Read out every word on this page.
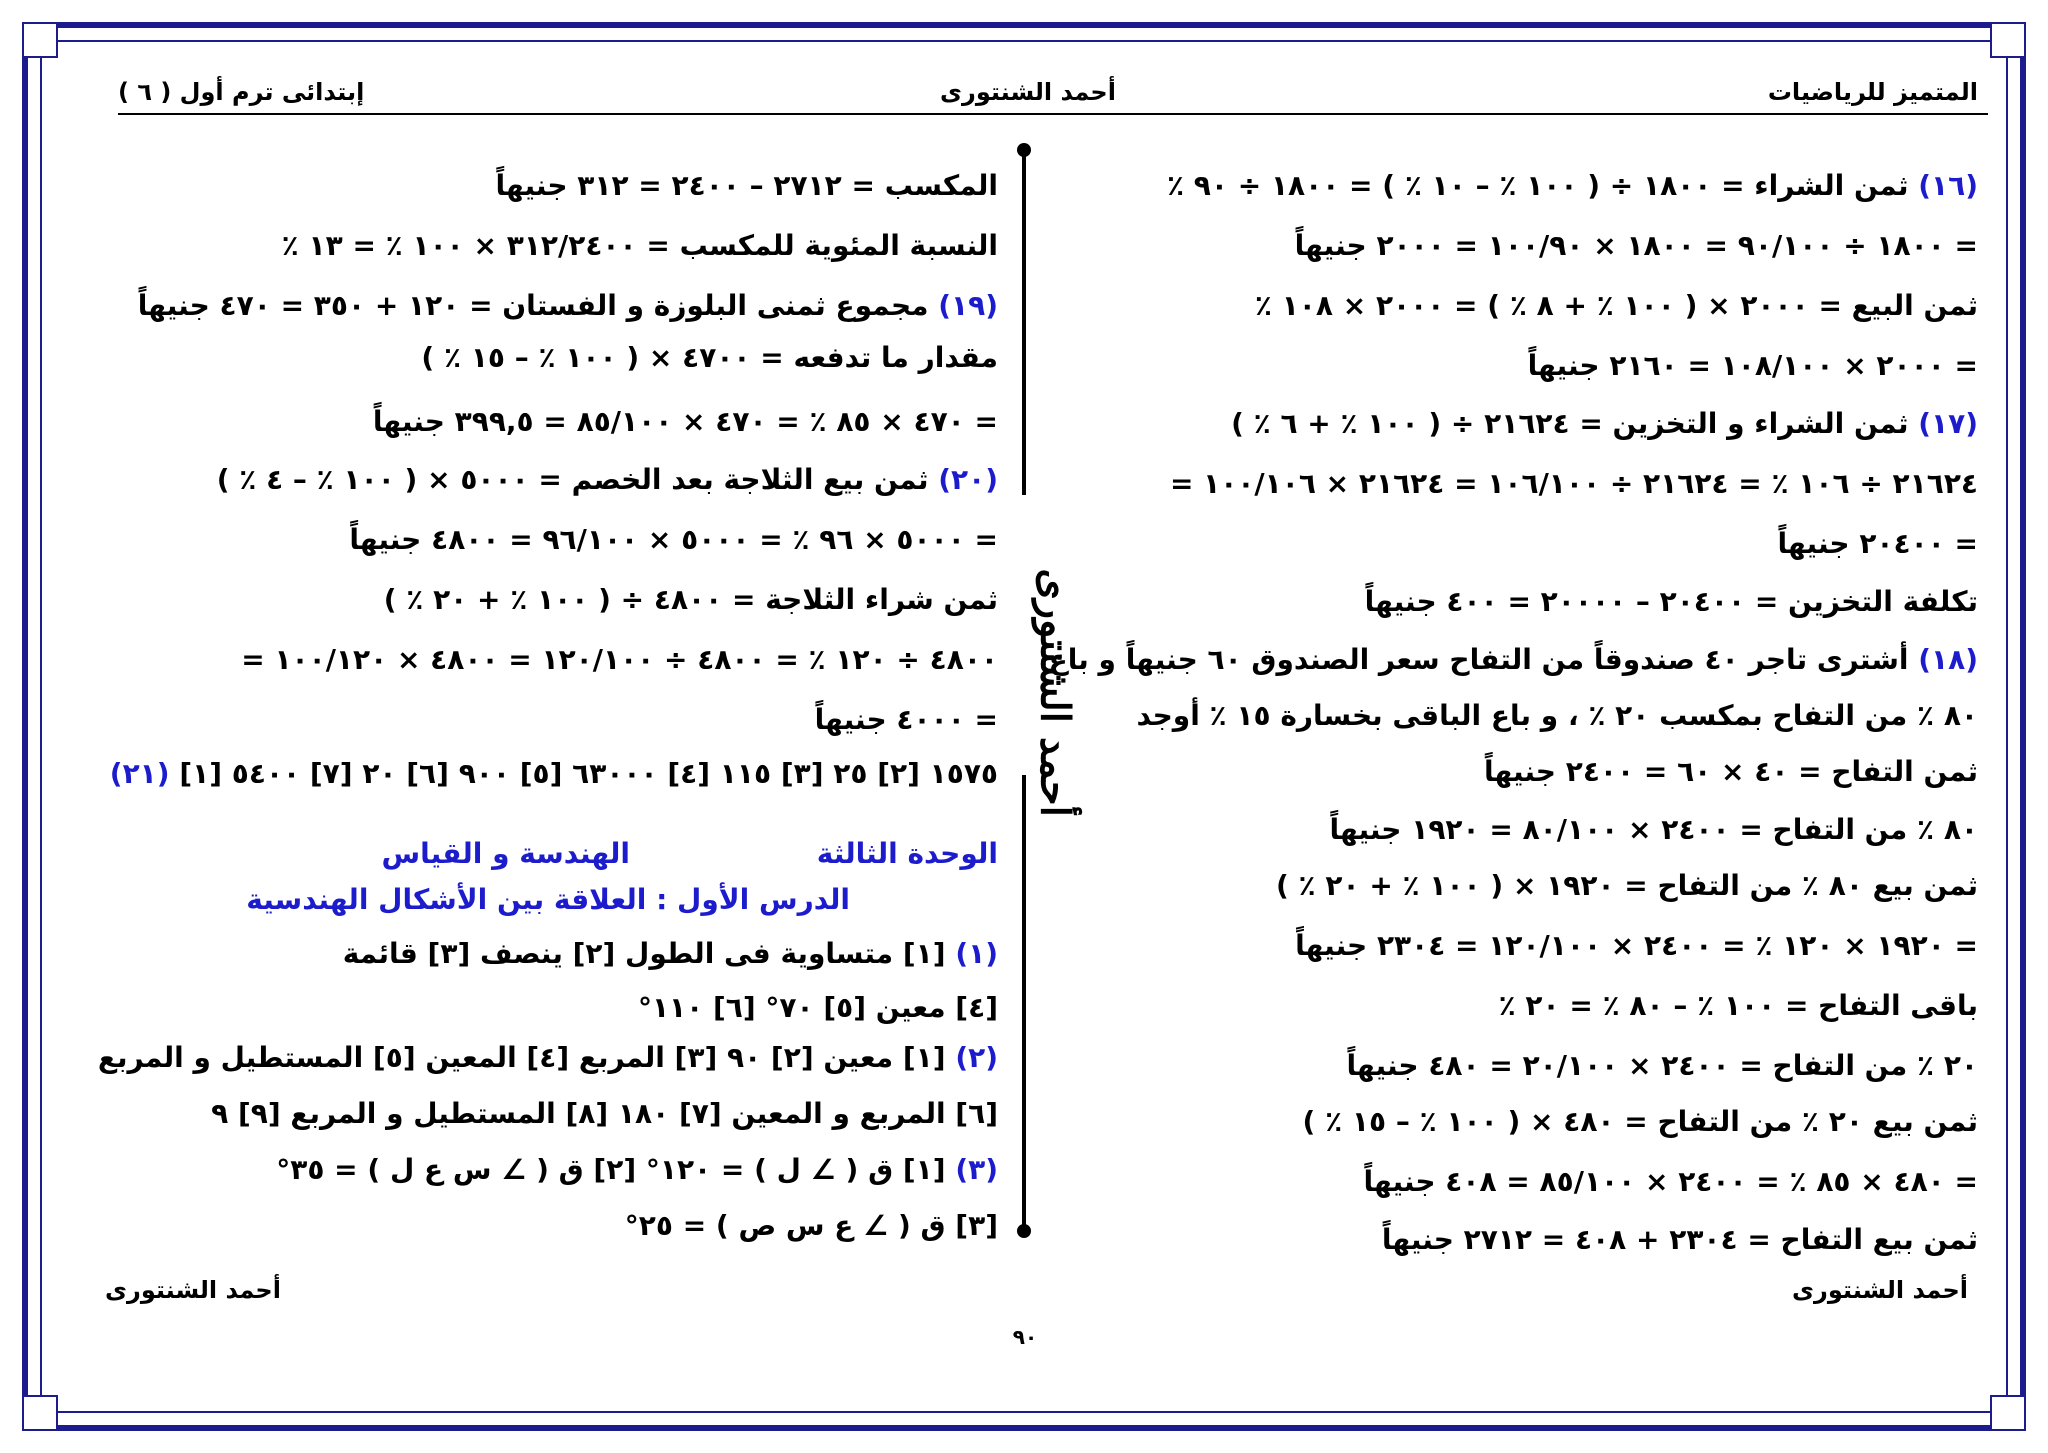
المتميز للرياضيات
أحمد الشنتورى
( ٦ ) إبتدائى ترم أول
أحمد الشنتورى
(١٦) ثمن الشراء = ١٨٠٠ ÷ ( ١٠٠ ٪ – ١٠ ٪ ) = ١٨٠٠ ÷ ٩٠ ٪
= ١٨٠٠ ÷ ٩٠/١٠٠ = ١٨٠٠ × ١٠٠/٩٠ = ٢٠٠٠ جنيهاً
ثمن البيع = ٢٠٠٠ × ( ١٠٠ ٪ + ٨ ٪ ) = ٢٠٠٠ × ١٠٨ ٪
= ٢٠٠٠ × ١٠٨/١٠٠ = ٢١٦٠ جنيهاً
(١٧) ثمن الشراء و التخزين = ٢١٦٢٤ ÷ ( ١٠٠ ٪ + ٦ ٪ )
= ٢١٦٢٤ ÷ ١٠٦ ٪ = ٢١٦٢٤ ÷ ١٠٦/١٠٠ = ٢١٦٢٤ × ١٠٠/١٠٦
= ٢٠٤٠٠ جنيهاً
تكلفة التخزين = ٢٠٤٠٠ – ٢٠٠٠٠ = ٤٠٠ جنيهاً
(١٨) أشترى تاجر ٤٠ صندوقاً من التفاح سعر الصندوق ٦٠ جنيهاً و باع
٨٠ ٪ من التفاح بمكسب ٢٠ ٪ ، و باع الباقى بخسارة ١٥ ٪ أوجد
ثمن التفاح = ٤٠ × ٦٠ = ٢٤٠٠ جنيهاً
٨٠ ٪ من التفاح = ٢٤٠٠ × ٨٠/١٠٠ = ١٩٢٠ جنيهاً
ثمن بيع ٨٠ ٪ من التفاح = ١٩٢٠ × ( ١٠٠ ٪ + ٢٠ ٪ )
= ١٩٢٠ × ١٢٠ ٪ = ٢٤٠٠ × ١٢٠/١٠٠ = ٢٣٠٤ جنيهاً
باقى التفاح = ١٠٠ ٪ – ٨٠ ٪ = ٢٠ ٪
٢٠ ٪ من التفاح = ٢٤٠٠ × ٢٠/١٠٠ = ٤٨٠ جنيهاً
ثمن بيع ٢٠ ٪ من التفاح = ٤٨٠ × ( ١٠٠ ٪ – ١٥ ٪ )
= ٤٨٠ × ٨٥ ٪ = ٢٤٠٠ × ٨٥/١٠٠ = ٤٠٨ جنيهاً
ثمن بيع التفاح = ٢٣٠٤ + ٤٠٨ = ٢٧١٢ جنيهاً
المكسب = ٢٧١٢ – ٢٤٠٠ = ٣١٢ جنيهاً
النسبة المئوية للمكسب = ٣١٢/٢٤٠٠ × ١٠٠ ٪ = ١٣ ٪
(١٩) مجموع ثمنى البلوزة و الفستان = ١٢٠ + ٣٥٠ = ٤٧٠ جنيهاً
مقدار ما تدفعه = ٤٧٠٠ × ( ١٠٠ ٪ – ١٥ ٪ )
= ٤٧٠ × ٨٥ ٪ = ٤٧٠ × ٨٥/١٠٠ = ٣٩٩,٥ جنيهاً
(٢٠) ثمن بيع الثلاجة بعد الخصم = ٥٠٠٠ × ( ١٠٠ ٪ – ٤ ٪ )
= ٥٠٠٠ × ٩٦ ٪ = ٥٠٠٠ × ٩٦/١٠٠ = ٤٨٠٠ جنيهاً
ثمن شراء الثلاجة = ٤٨٠٠ ÷ ( ١٠٠ ٪ + ٢٠ ٪ )
= ٤٨٠٠ ÷ ١٢٠ ٪ = ٤٨٠٠ ÷ ١٢٠/١٠٠ = ٤٨٠٠ × ١٠٠/١٢٠
= ٤٠٠٠ جنيهاً
(٢١) [١] ١٥٧٥ [٢] ٢٥ [٣] ١١٥ [٤] ٦٣٠٠٠ [٥] ٩٠٠ [٦] ٢٠ [٧] ٥٤٠٠
الوحدة الثالثة
الهندسة و القياس
الدرس الأول : العلاقة بين الأشكال الهندسية
(١) [١] متساوية فى الطول [٢] ينصف [٣] قائمة
[٤] معين [٥] ٧٠° [٦] ١١٠°
(٢) [١] معين [٢] ٩٠ [٣] المربع [٤] المعين [٥] المستطيل و المربع
[٦] المربع و المعين [٧] ١٨٠ [٨] المستطيل و المربع [٩] ٩
(٣) [١] ق ( ∠ ل ) = ١٢٠° [٢] ق ( ∠ س ع ل ) = ٣٥°
[٣] ق ( ∠ ع س ص ) = ٢٥°
أحمد الشنتورى
أحمد الشنتورى
٩٠
